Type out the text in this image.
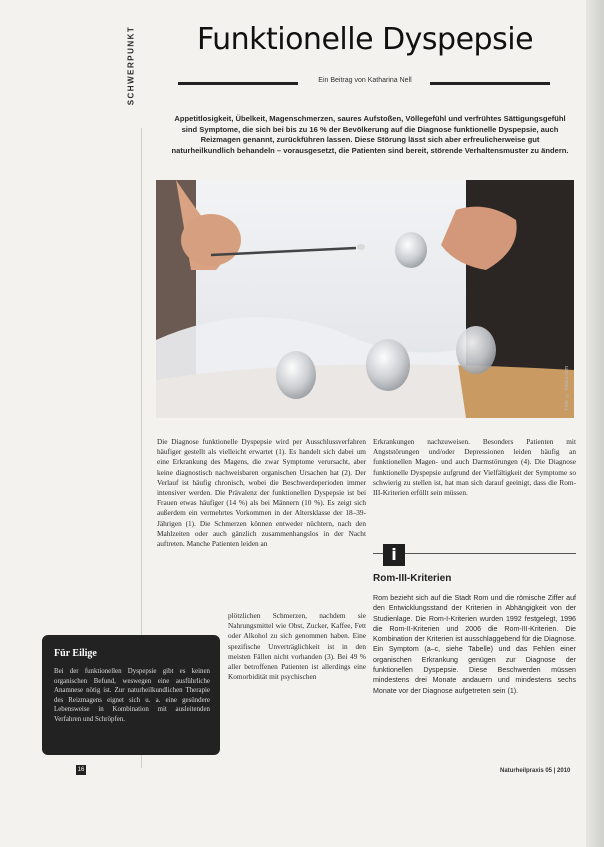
SCHWERPUNKT	Funktionelle Dyspepsie
Ein Beitrag von Katharina Nell
Appetitlosigkeit, Übelkeit, Magenschmerzen, saures Aufstoßen, Völlegefühl und verfrühtes Sättigungsgefühl sind Symptome, die sich bei bis zu 16 % der Bevölkerung auf die Diagnose funktionelle Dyspepsie, auch Reizmagen genannt, zurückführen lassen. Diese Störung lässt sich aber erfreulicherweise gut naturheilkundlich behandeln – vorausgesetzt, die Patienten sind bereit, störende Verhaltensmuster zu ändern.
Foto: © fotolia.com
Die Diagnose funktionelle Dyspepsie wird per Ausschlussverfahren häufiger gestellt als vielleicht erwartet (1). Es handelt sich dabei um eine Erkrankung des Magens, die zwar Symptome verursacht, aber keine diagnostisch nachweisbaren organischen Ursachen hat (2). Der Verlauf ist häufig chronisch, wobei die Beschwerdeperioden immer intensiver werden. Die Prävalenz der funktionellen Dyspepsie ist bei Frauen etwas häufiger (14 %) als bei Männern (10 %). Es zeigt sich außerdem ein vermehrtes Vorkommen in der Altersklasse der 18–39-Jährigen (1). Die Schmerzen können entweder nüchtern, nach den Mahlzeiten oder auch gänzlich zusammenhangslos in der Nacht auftreten. Manche Patienten leiden an
plötzlichen Schmerzen, nachdem sie Nahrungsmittel wie Obst, Zucker, Kaffee, Fett oder Alkohol zu sich genommen haben. Eine spezifische Unverträglichkeit ist in den meisten Fällen nicht vorhanden (3). Bei 49 % aller betroffenen Patienten ist allerdings eine Komorbidität mit psychischen
Erkrankungen nachzuweisen. Besonders Patienten mit Angststörungen und/oder Depressionen leiden häufig an funktionellen Magen- und auch Darmstörungen (4). Die Diagnose funktionelle Dyspepsie aufgrund der Vielfältigkeit der Symptome so schwierig zu stellen ist, hat man sich darauf geeinigt, dass die Rom-III-Kriterien erfüllt sein müssen.
i
Rom-III-Kriterien
Rom bezieht sich auf die Stadt Rom und die römische Ziffer auf den Entwicklungsstand der Kriterien in Abhängigkeit von der Studienlage. Die Rom-I-Kriterien wurden 1992 festgelegt, 1996 die Rom-II-Kriterien und 2006 die Rom-III-Kriterien. Die Kombination der Kriterien ist ausschlaggebend für die Diagnose. Ein Symptom (a–c, siehe Tabelle) und das Fehlen einer organischen Erkrankung genügen zur Diagnose der funktionellen Dyspepsie. Diese Beschwerden müssen mindestens drei Monate andauern und mindestens sechs Monate vor der Diagnose aufgetreten sein (1).
Für Eilige
Bei der funktionellen Dyspepsie gibt es keinen organischen Befund, weswegen eine ausführliche Anamnese nötig ist. Zur naturheilkundlichen Therapie des Reizmagens eignet sich u. a. eine gesündere Lebensweise in Kombination mit ausleitenden Verfahren und Schröpfen.
16	Naturheilpraxis 05 | 2010
